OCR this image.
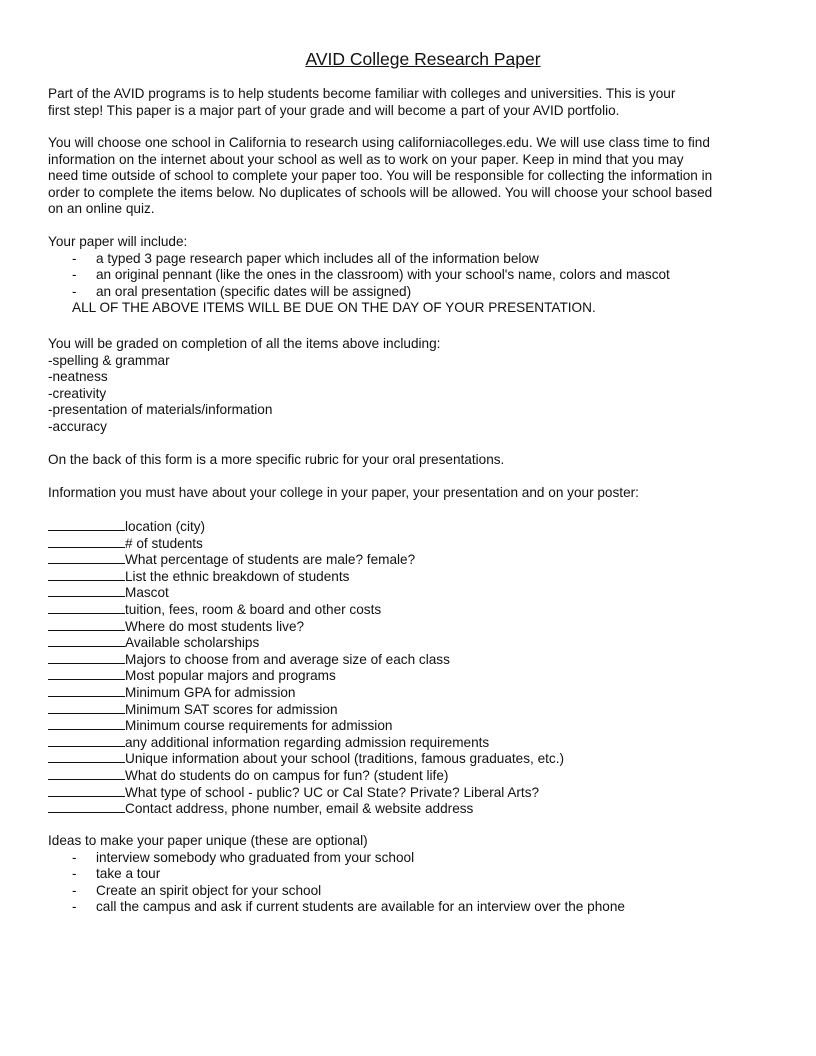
AVID College Research Paper
Part of the AVID programs is to help students become familiar with colleges and universities. This is your
first step! This paper is a major part of your grade and will become a part of your AVID portfolio.
You will choose one school in California to research using californiacolleges.edu. We will use class time to find
information on the internet about your school as well as to work on your paper. Keep in mind that you may
need time outside of school to complete your paper too. You will be responsible for collecting the information in
order to complete the items below. No duplicates of schools will be allowed. You will choose your school based
on an online quiz.
Your paper will include:
- a typed 3 page research paper which includes all of the information below
- an original pennant (like the ones in the classroom) with your school's name, colors and mascot
- an oral presentation (specific dates will be assigned)
ALL OF THE ABOVE ITEMS WILL BE DUE ON THE DAY OF YOUR PRESENTATION.
You will be graded on completion of all the items above including:
-spelling & grammar
-neatness
-creativity
-presentation of materials/information
-accuracy
On the back of this form is a more specific rubric for your oral presentations.
Information you must have about your college in your paper, your presentation and on your poster:
location (city)
# of students
What percentage of students are male? female?
List the ethnic breakdown of students
Mascot
tuition, fees, room & board and other costs
Where do most students live?
Available scholarships
Majors to choose from and average size of each class
Most popular majors and programs
Minimum GPA for admission
Minimum SAT scores for admission
Minimum course requirements for admission
any additional information regarding admission requirements
Unique information about your school (traditions, famous graduates, etc.)
What do students do on campus for fun? (student life)
What type of school - public? UC or Cal State? Private? Liberal Arts?
Contact address, phone number, email & website address
Ideas to make your paper unique (these are optional)
- interview somebody who graduated from your school
- take a tour
- Create an spirit object for your school
- call the campus and ask if current students are available for an interview over the phone
